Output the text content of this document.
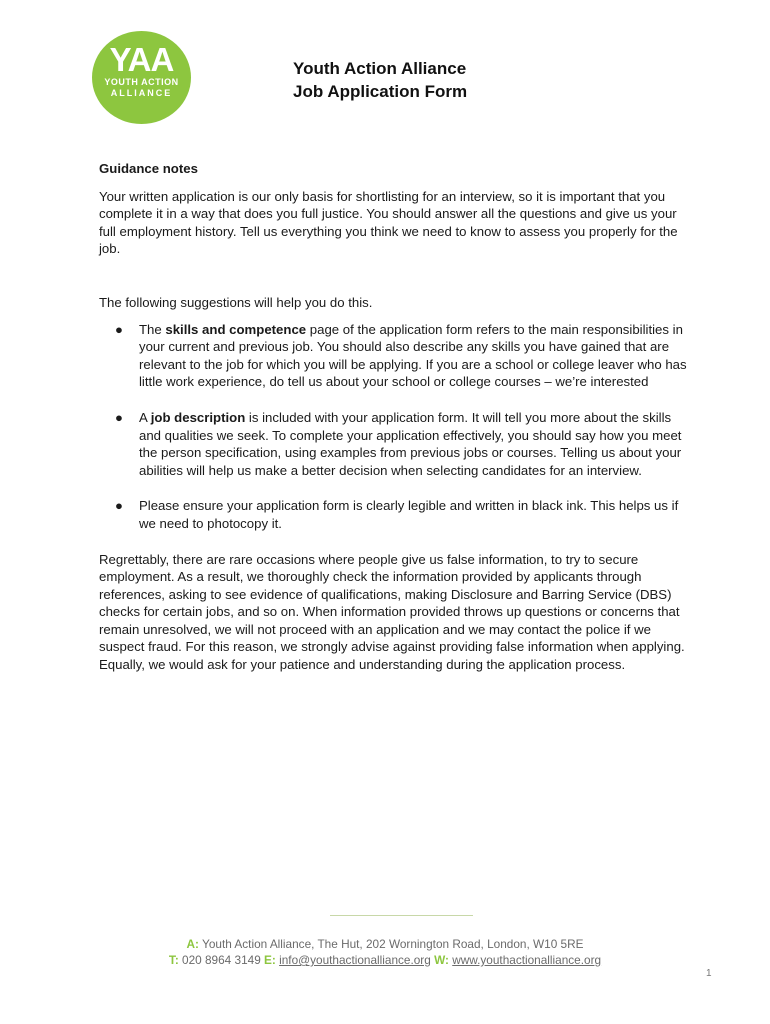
YAA
YOUTH ACTION
ALLIANCE
Youth Action Alliance
Job Application Form

Guidance notes

Your written application is our only basis for shortlisting for an interview, so it is important that you complete it in a way that does you full justice. You should answer all the questions and give us your full employment history. Tell us everything you think we need to know to assess you properly for the job.

The following suggestions will help you do this.

● The skills and competence page of the application form refers to the main responsibilities in your current and previous job. You should also describe any skills you have gained that are relevant to the job for which you will be applying. If you are a school or college leaver who has little work experience, do tell us about your school or college courses – we’re interested
● A job description is included with your application form. It will tell you more about the skills and qualities we seek. To complete your application effectively, you should say how you meet the person specification, using examples from previous jobs or courses. Telling us about your abilities will help us make a better decision when selecting candidates for an interview.
● Please ensure your application form is clearly legible and written in black ink. This helps us if we need to photocopy it.

Regrettably, there are rare occasions where people give us false information, to try to secure employment. As a result, we thoroughly check the information provided by applicants through references, asking to see evidence of qualifications, making Disclosure and Barring Service (DBS) checks for certain jobs, and so on. When information provided throws up questions or concerns that remain unresolved, we will not proceed with an application and we may contact the police if we suspect fraud. For this reason, we strongly advise against providing false information when applying. Equally, we would ask for your patience and understanding during the application process.

A: Youth Action Alliance, The Hut, 202 Wornington Road, London, W10 5RE
T: 020 8964 3149 E: info@youthactionalliance.org W: www.youthactionalliance.org
1
